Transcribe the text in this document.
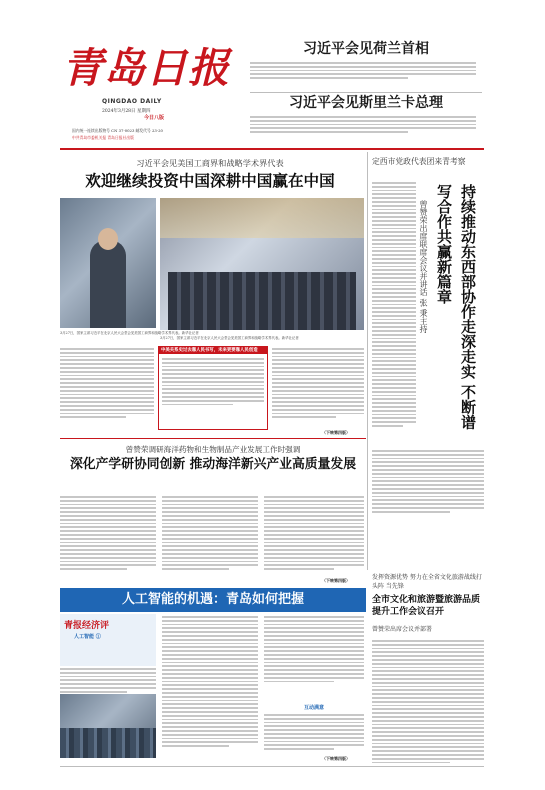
青岛日报
QINGDAO DAILY
2024年3月28日 星期四
今日八版
国内统一连续出版物号 CN 37-0023 邮发代号 23-20
中共青岛市委机关报 青岛日报社出版
习近平会见荷兰首相
习近平会见斯里兰卡总理
习近平会见美国工商界和战略学术界代表
欢迎继续投资中国深耕中国赢在中国
3月27日，国家主席习近平在北京人民大会堂会见美国工商界和战略学术界代表。新华社记者
3月27日，国家主席习近平在北京人民大会堂会见美国工商界和战略学术界代表。新华社记者
中美关系史过去靠人民书写，未来更要靠人民创造
（下转第四版）
定西市党政代表团来青考察
持续推动东西部协作走深走实 不断谱写合作共赢新篇章
曾赞荣出席联席会议并讲话 张 秉主持
曾赞荣调研海洋药物和生物制品产业发展工作时强调
深化产学研协同创新 推动海洋新兴产业高质量发展
（下转第四版）	发挥资源优势 努力在全省文化旅游战线打头阵 当先锋
全市文化和旅游暨旅游品质提升工作会议召开
曾赞荣出席会议并部署
人工智能的机遇：青岛如何把握
青报经济评
人工智能 ①
互动满意
（下转第四版）
